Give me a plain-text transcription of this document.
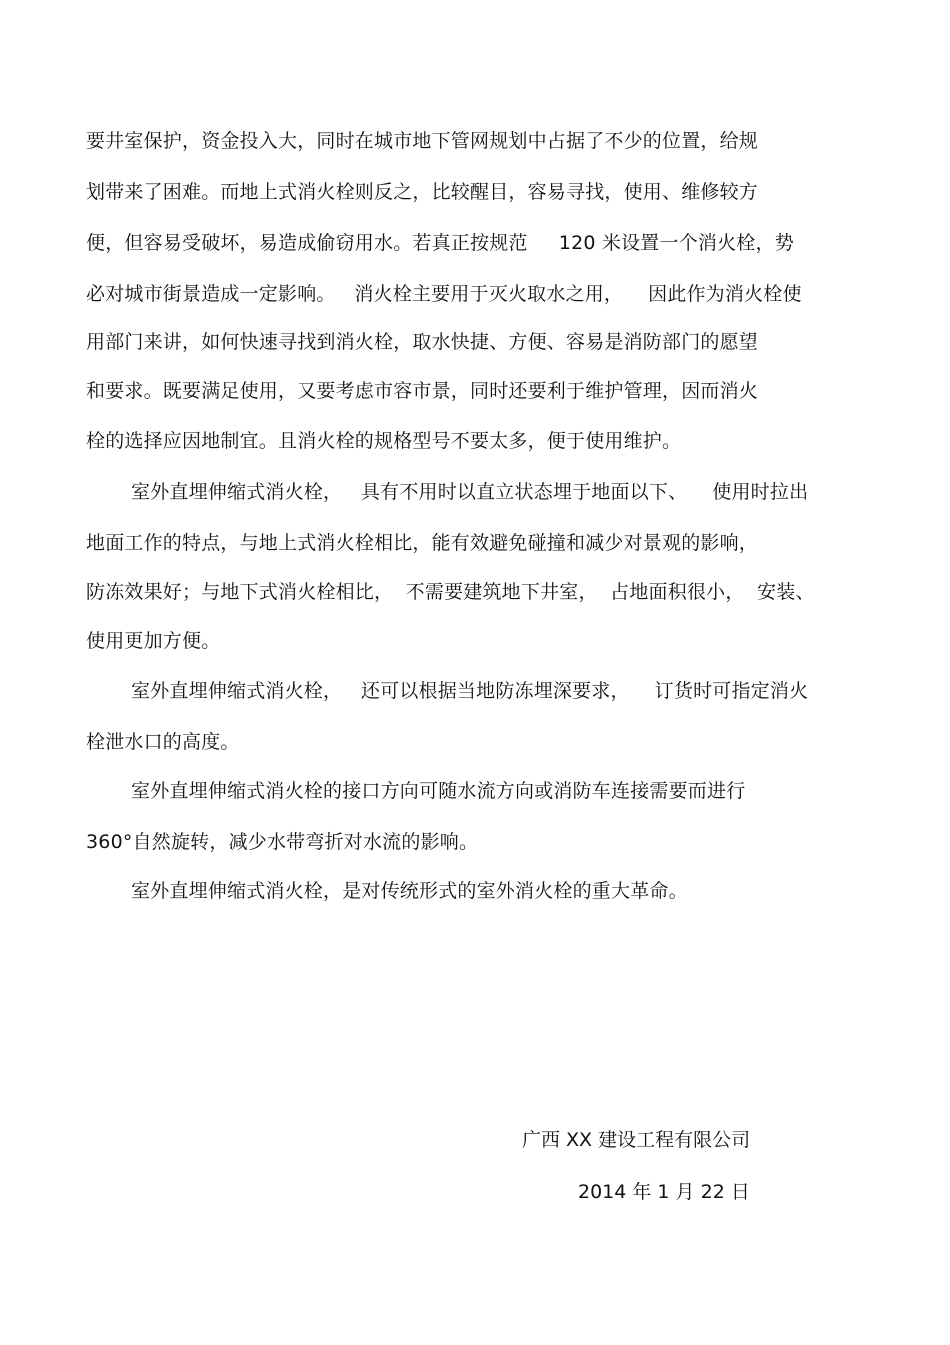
要井室保护，资金投入大，同时在城市地下管网规划中占据了不少的位置，给规
划带来了困难。而地上式消火栓则反之，比较醒目，容易寻找，使用、维修较方
便，但容易受破坏，易造成偷窃用水。若真正按规范     120 米设置一个消火栓，势
必对城市街景造成一定影响。   消火栓主要用于灭火取水之用，    因此作为消火栓使
用部门来讲，如何快速寻找到消火栓，取水快捷、方便、容易是消防部门的愿望
和要求。既要满足使用，又要考虑市容市景，同时还要利于维护管理，因而消火
栓的选择应因地制宜。且消火栓的规格型号不要太多，便于使用维护。
室外直埋伸缩式消火栓，   具有不用时以直立状态埋于地面以下、    使用时拉出
地面工作的特点，与地上式消火栓相比，能有效避免碰撞和减少对景观的影响，
防冻效果好；与地下式消火栓相比，  不需要建筑地下井室，  占地面积很小，  安装、
使用更加方便。
室外直埋伸缩式消火栓，   还可以根据当地防冻埋深要求，    订货时可指定消火
栓泄水口的高度。
室外直埋伸缩式消火栓的接口方向可随水流方向或消防车连接需要而进行
360°自然旋转，减少水带弯折对水流的影响。
室外直埋伸缩式消火栓，是对传统形式的室外消火栓的重大革命。
广西 XX 建设工程有限公司
2014 年 1 月 22 日
